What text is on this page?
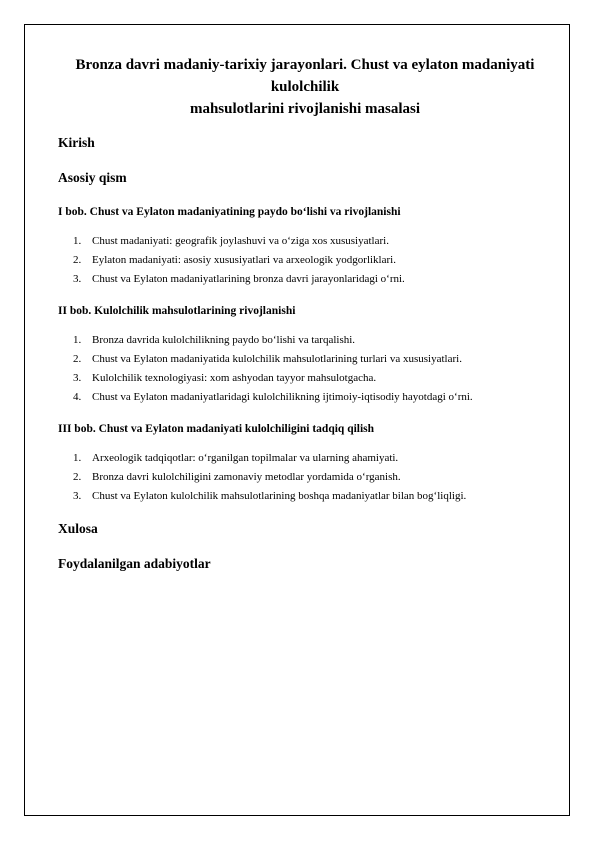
Bronza davri madaniy-tarixiy jarayonlari. Chust va eylaton madaniyati kulolchilik
mahsulotlarini rivojlanishi masalasi

Kirish

Asosiy qism

I bob. Chust va Eylaton madaniyatining paydo bo‘lishi va rivojlanishi

1. Chust madaniyati: geografik joylashuvi va o‘ziga xos xususiyatlari.
2. Eylaton madaniyati: asosiy xususiyatlari va arxeologik yodgorliklari.
3. Chust va Eylaton madaniyatlarining bronza davri jarayonlaridagi o‘rni.

II bob. Kulolchilik mahsulotlarining rivojlanishi

1. Bronza davrida kulolchilikning paydo bo‘lishi va tarqalishi.
2. Chust va Eylaton madaniyatida kulolchilik mahsulotlarining turlari va xususiyatlari.
3. Kulolchilik texnologiyasi: xom ashyodan tayyor mahsulotgacha.
4. Chust va Eylaton madaniyatlaridagi kulolchilikning ijtimoiy-iqtisodiy hayotdagi o‘rni.

III bob. Chust va Eylaton madaniyati kulolchiligini tadqiq qilish

1. Arxeologik tadqiqotlar: o‘rganilgan topilmalar va ularning ahamiyati.
2. Bronza davri kulolchiligini zamonaviy metodlar yordamida o‘rganish.
3. Chust va Eylaton kulolchilik mahsulotlarining boshqa madaniyatlar bilan bog‘liqligi.

Xulosa

Foydalanilgan adabiyotlar
